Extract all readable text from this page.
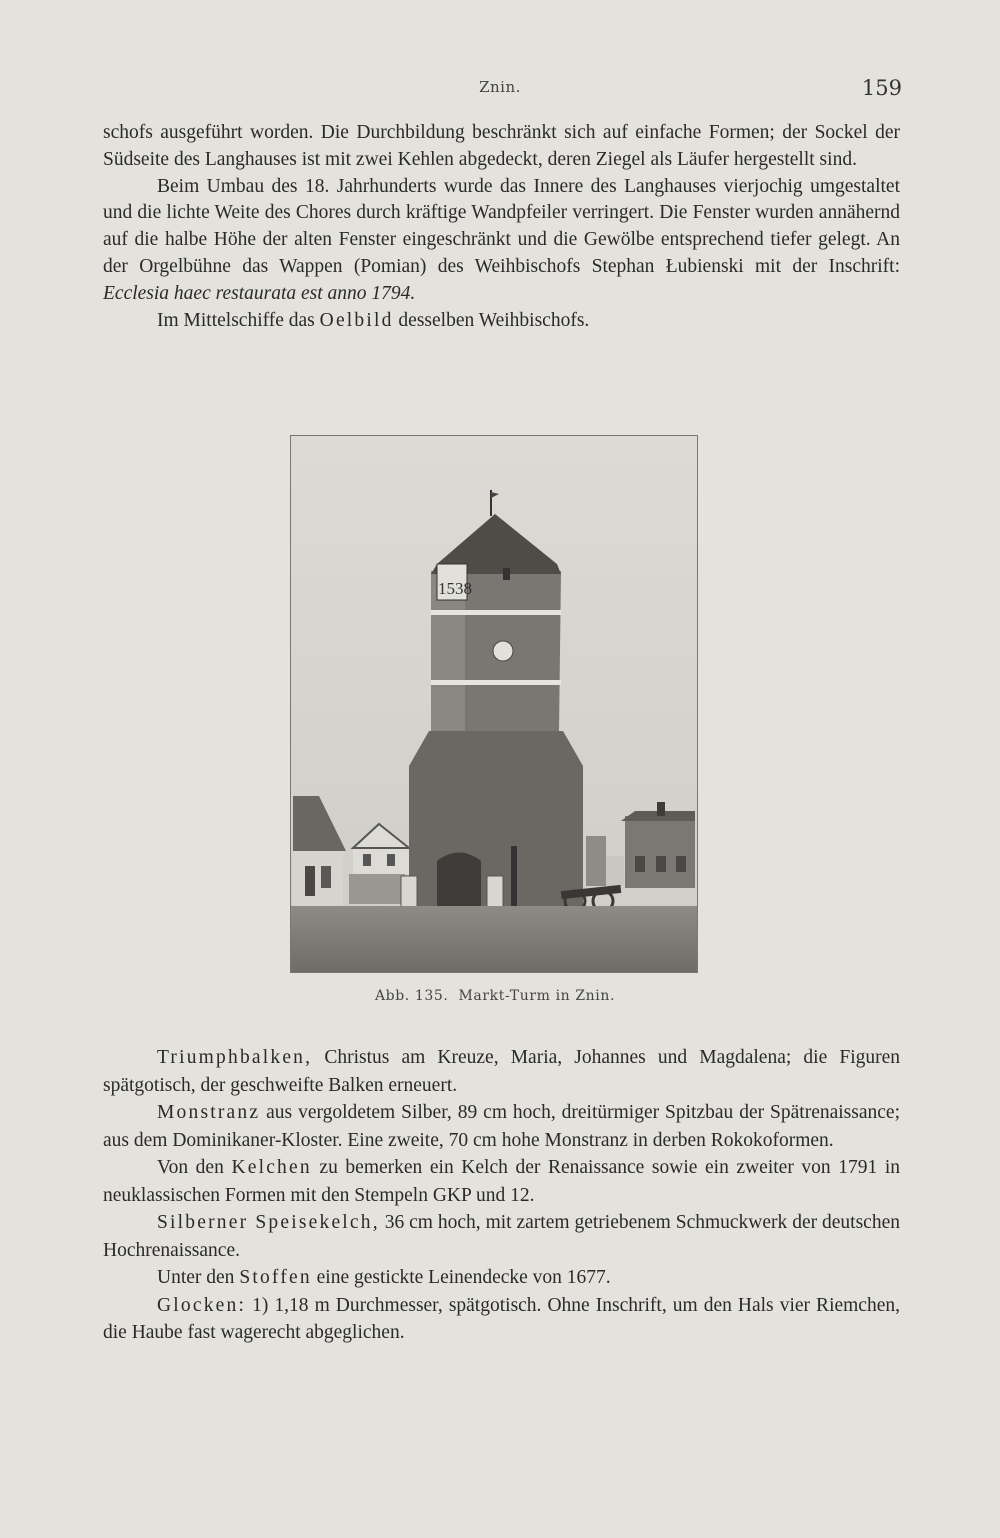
Znin.	159

schofs ausgeführt worden. Die Durchbildung beschränkt sich auf einfache Formen; der Sockel der Südseite des Langhauses ist mit zwei Kehlen abgedeckt, deren Ziegel als Läufer hergestellt sind.

Beim Umbau des 18. Jahrhunderts wurde das Innere des Langhauses vierjochig umgestaltet und die lichte Weite des Chores durch kräftige Wandpfeiler verringert. Die Fenster wurden annähernd auf die halbe Höhe der alten Fenster eingeschränkt und die Gewölbe entsprechend tiefer gelegt. An der Orgelbühne das Wappen (Pomian) des Weihbischofs Stephan Łubienski mit der Inschrift: Ecclesia haec restaurata est anno 1794.

Im Mittelschiffe das Oelbild desselben Weihbischofs.

1538
Abb. 135. Markt-Turm in Znin.

Triumphbalken, Christus am Kreuze, Maria, Johannes und Magdalena; die Figuren spätgotisch, der geschweifte Balken erneuert.

Monstranz aus vergoldetem Silber, 89 cm hoch, dreitürmiger Spitzbau der Spätrenaissance; aus dem Dominikaner-Kloster. Eine zweite, 70 cm hohe Monstranz in derben Rokokoformen.

Von den Kelchen zu bemerken ein Kelch der Renaissance sowie ein zweiter von 1791 in neuklassischen Formen mit den Stempeln GKP und 12.

Silberner Speisekelch, 36 cm hoch, mit zartem getriebenem Schmuckwerk der deutschen Hochrenaissance.

Unter den Stoffen eine gestickte Leinendecke von 1677.

Glocken: 1) 1,18 m Durchmesser, spätgotisch. Ohne Inschrift, um den Hals vier Riemchen, die Haube fast wagerecht abgeglichen.
